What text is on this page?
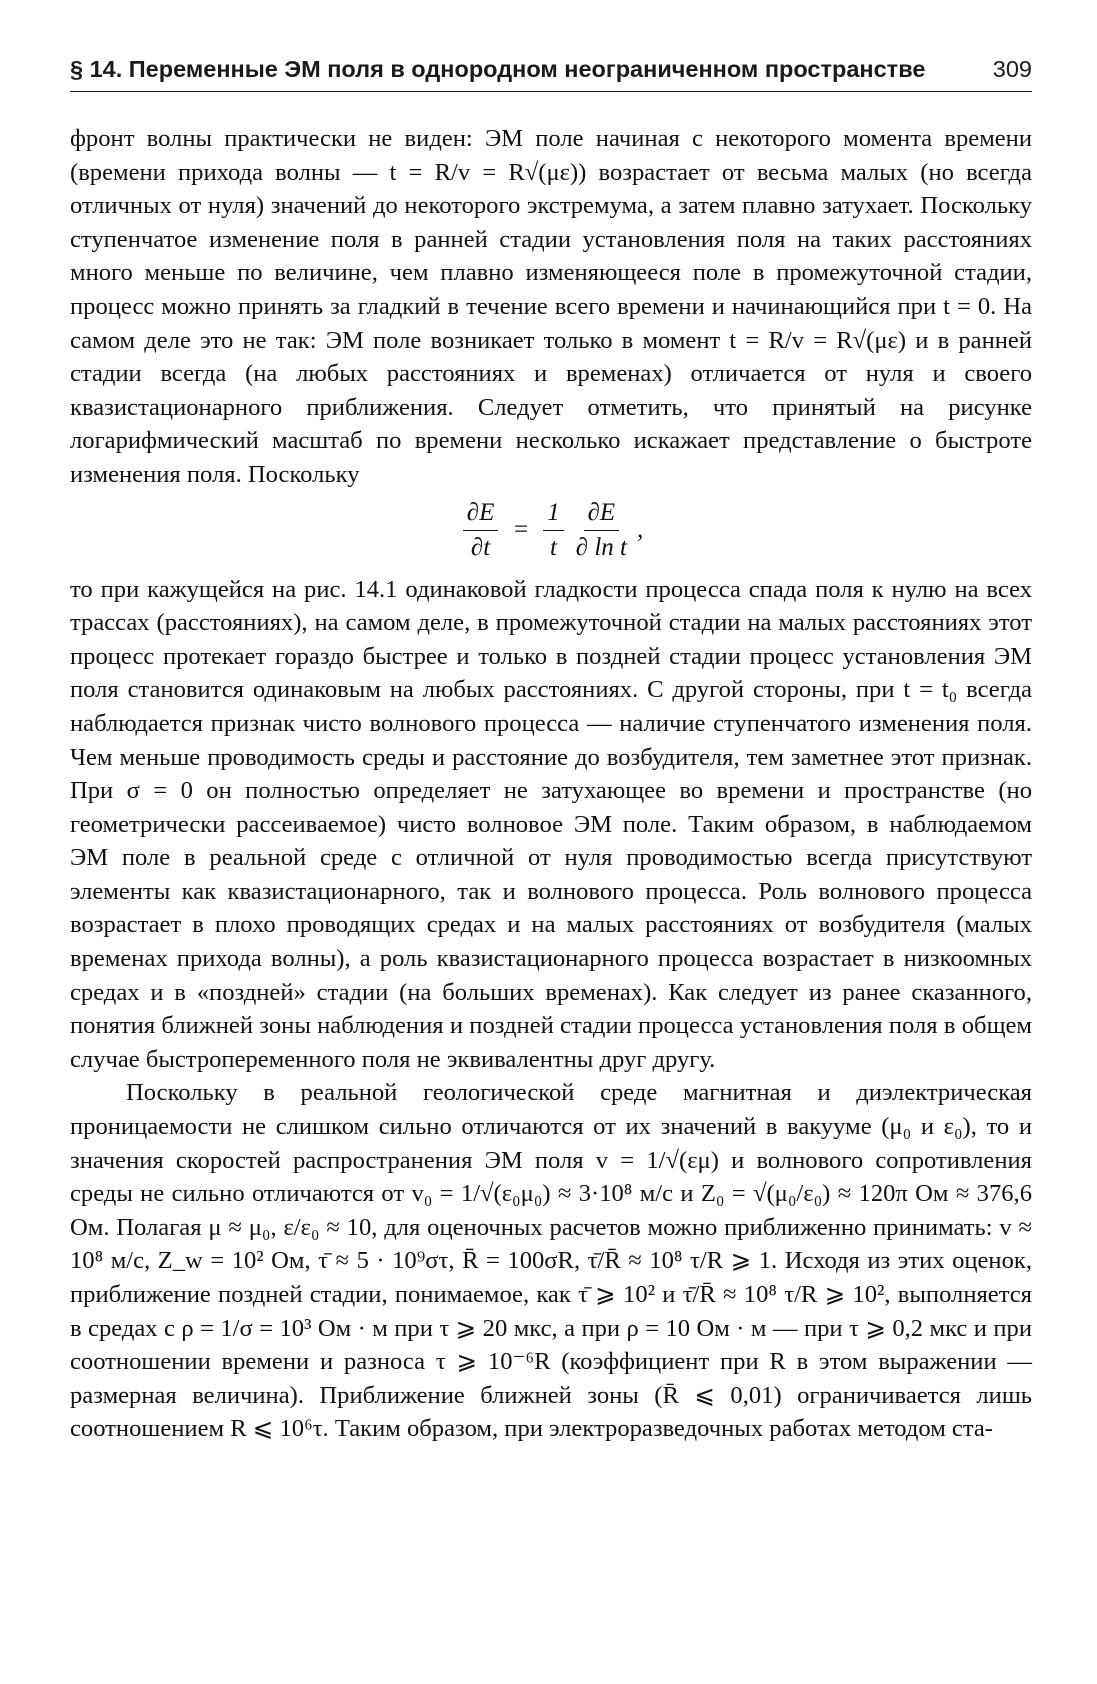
§ 14. Переменные ЭМ поля в однородном неограниченном пространстве	309

фронт волны практически не виден: ЭМ поле начиная с некоторого момента времени (времени прихода волны — t = R/v = R√(με)) возрастает от весьма малых (но всегда отличных от нуля) значений до некоторого экстремума, а затем плавно затухает. Поскольку ступенчатое изменение поля в ранней стадии установления поля на таких расстояниях много меньше по величине, чем плавно изменяющееся поле в промежуточной стадии, процесс можно принять за гладкий в течение всего времени и начинающийся при t = 0. На самом деле это не так: ЭМ поле возникает только в момент t = R/v = R√(με) и в ранней стадии всегда (на любых расстояниях и временах) отличается от нуля и своего квазистационарного приближения. Следует отметить, что принятый на рисунке логарифмический масштаб по времени несколько искажает представление о быстроте изменения поля. Поскольку

$\frac{\partial E}{\partial t} = \frac{1}{t} \frac{\partial E}{\text{∂ ln t}}$ ,

то при кажущейся на рис. 14.1 одинаковой гладкости процесса спада поля к нулю на всех трассах (расстояниях), на самом деле, в промежуточной стадии на малых расстояниях этот процесс протекает гораздо быстрее и только в поздней стадии процесс установления ЭМ поля становится одинаковым на любых расстояниях. С другой стороны, при t = t₀ всегда наблюдается признак чисто волнового процесса — наличие ступенчатого изменения поля. Чем меньше проводимость среды и расстояние до возбудителя, тем заметнее этот признак. При σ = 0 он полностью определяет не затухающее во времени и пространстве (но геометрически рассеиваемое) чисто волновое ЭМ поле. Таким образом, в наблюдаемом ЭМ поле в реальной среде с отличной от нуля проводимостью всегда присутствуют элементы как квазистационарного, так и волнового процесса. Роль волнового процесса возрастает в плохо проводящих средах и на малых расстояниях от возбудителя (малых временах прихода волны), а роль квазистационарного процесса возрастает в низкоомных средах и в «поздней» стадии (на больших временах). Как следует из ранее сказанного, понятия ближней зоны наблюдения и поздней стадии процесса установления поля в общем случае быстропеременного поля не эквивалентны друг другу.

Поскольку в реальной геологической среде магнитная и диэлектрическая проницаемости не слишком сильно отличаются от их значений в вакууме (μ₀ и ε₀), то и значения скоростей распространения ЭМ поля v = 1/√(εμ) и волнового сопротивления среды не сильно отличаются от v₀ = 1/√(ε₀μ₀) ≈ 3·10⁸ м/с и Z₀ = √(μ₀/ε₀) ≈ 120π Ом ≈ 376,6 Ом. Полагая μ ≈ μ₀, ε/ε₀ ≈ 10, для оценочных расчетов можно приближенно принимать: v ≈ 10⁸ м/с, Z_w = 10² Ом, τ̄ ≈ 5 · 10⁹στ, R̄ = 100σR, τ̄/R̄ ≈ 10⁸ τ/R ⩾ 1. Исходя из этих оценок, приближение поздней стадии, понимаемое, как τ̄ ⩾ 10² и τ̄/R̄ ≈ 10⁸ τ/R ⩾ 10², выполняется в средах с ρ = 1/σ = 10³ Ом · м при τ ⩾ 20 мкс, а при ρ = 10 Ом · м — при τ ⩾ 0,2 мкс и при соотношении времени и разноса τ ⩾ 10⁻⁶R (коэффициент при R в этом выражении — размерная величина). Приближение ближней зоны (R̄ ⩽ 0,01) ограничивается лишь соотношением R ⩽ 10⁶τ. Таким образом, при электроразведочных работах методом ста-
